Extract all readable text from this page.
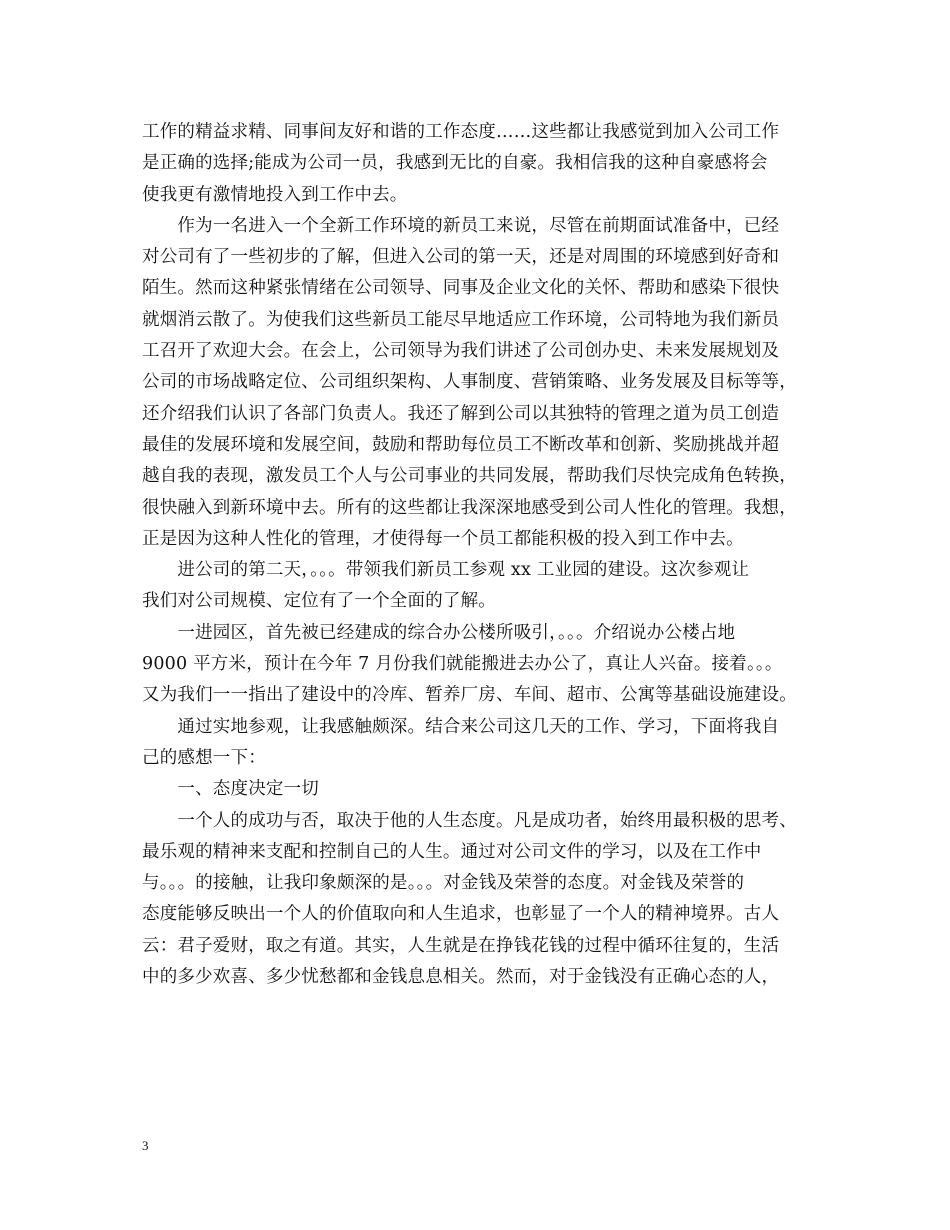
工作的精益求精、同事间友好和谐的工作态度……这些都让我感觉到加入公司工作
是正确的选择;能成为公司一员，我感到无比的自豪。我相信我的这种自豪感将会
使我更有激情地投入到工作中去。
　　作为一名进入一个全新工作环境的新员工来说，尽管在前期面试准备中，已经
对公司有了一些初步的了解，但进入公司的第一天，还是对周围的环境感到好奇和
陌生。然而这种紧张情绪在公司领导、同事及企业文化的关怀、帮助和感染下很快
就烟消云散了。为使我们这些新员工能尽早地适应工作环境，公司特地为我们新员
工召开了欢迎大会。在会上，公司领导为我们讲述了公司创办史、未来发展规划及
公司的市场战略定位、公司组织架构、人事制度、营销策略、业务发展及目标等等，
还介绍我们认识了各部门负责人。我还了解到公司以其独特的管理之道为员工创造
最佳的发展环境和发展空间，鼓励和帮助每位员工不断改革和创新、奖励挑战并超
越自我的表现，激发员工个人与公司事业的共同发展，帮助我们尽快完成角色转换，
很快融入到新环境中去。所有的这些都让我深深地感受到公司人性化的管理。我想，
正是因为这种人性化的管理，才使得每一个员工都能积极的投入到工作中去。
　　进公司的第二天，。。。带领我们新员工参观 xx 工业园的建设。这次参观让
我们对公司规模、定位有了一个全面的了解。
　　一进园区，首先被已经建成的综合办公楼所吸引，。。。介绍说办公楼占地
9000 平方米，预计在今年 7 月份我们就能搬进去办公了，真让人兴奋。接着。。。
又为我们一一指出了建设中的冷库、暂养厂房、车间、超市、公寓等基础设施建设。
　　通过实地参观，让我感触颇深。结合来公司这几天的工作、学习，下面将我自
己的感想一下：
　　一、态度决定一切
　　一个人的成功与否，取决于他的人生态度。凡是成功者，始终用最积极的思考、
最乐观的精神来支配和控制自己的人生。通过对公司文件的学习，以及在工作中
与。。。的接触，让我印象颇深的是。。。对金钱及荣誉的态度。对金钱及荣誉的
态度能够反映出一个人的价值取向和人生追求，也彰显了一个人的精神境界。古人
云：君子爱财，取之有道。其实，人生就是在挣钱花钱的过程中循环往复的，生活
中的多少欢喜、多少忧愁都和金钱息息相关。然而，对于金钱没有正确心态的人，
3
